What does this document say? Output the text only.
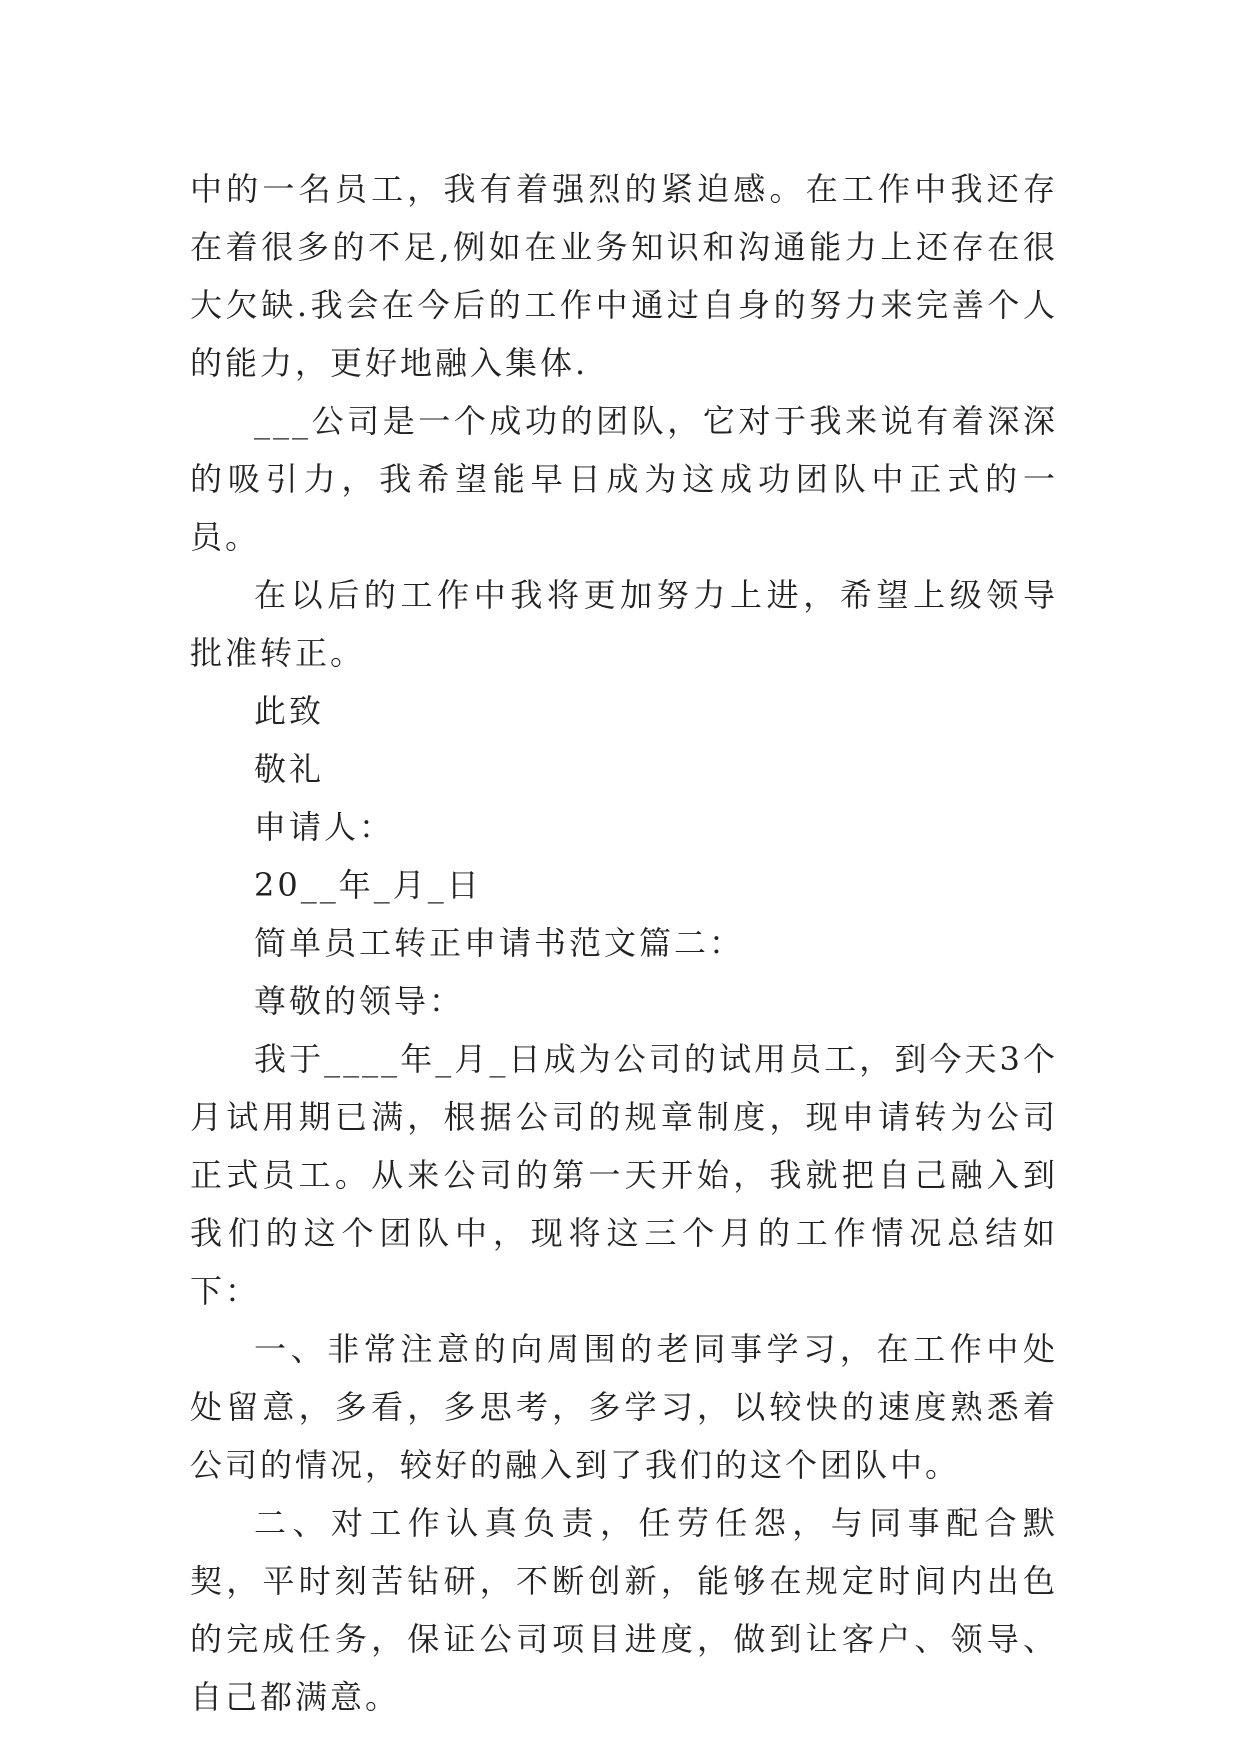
中的一名员工，我有着强烈的紧迫感。在工作中我还存在着很多的不足,例如在业务知识和沟通能力上还存在很大欠缺.我会在今后的工作中通过自身的努力来完善个人的能力，更好地融入集体.

___公司是一个成功的团队，它对于我来说有着深深的吸引力，我希望能早日成为这成功团队中正式的一员。

在以后的工作中我将更加努力上进，希望上级领导批准转正。

此致

敬礼

申请人：

20__年_月_日

简单员工转正申请书范文篇二：

尊敬的领导：

我于____年_月_日成为公司的试用员工，到今天3个月试用期已满，根据公司的规章制度，现申请转为公司正式员工。从来公司的第一天开始，我就把自己融入到我们的这个团队中，现将这三个月的工作情况总结如下：

一、非常注意的向周围的老同事学习，在工作中处处留意，多看，多思考，多学习，以较快的速度熟悉着公司的情况，较好的融入到了我们的这个团队中。

二、对工作认真负责，任劳任怨，与同事配合默契，平时刻苦钻研，不断创新，能够在规定时间内出色的完成任务，保证公司项目进度，做到让客户、领导、自己都满意。
